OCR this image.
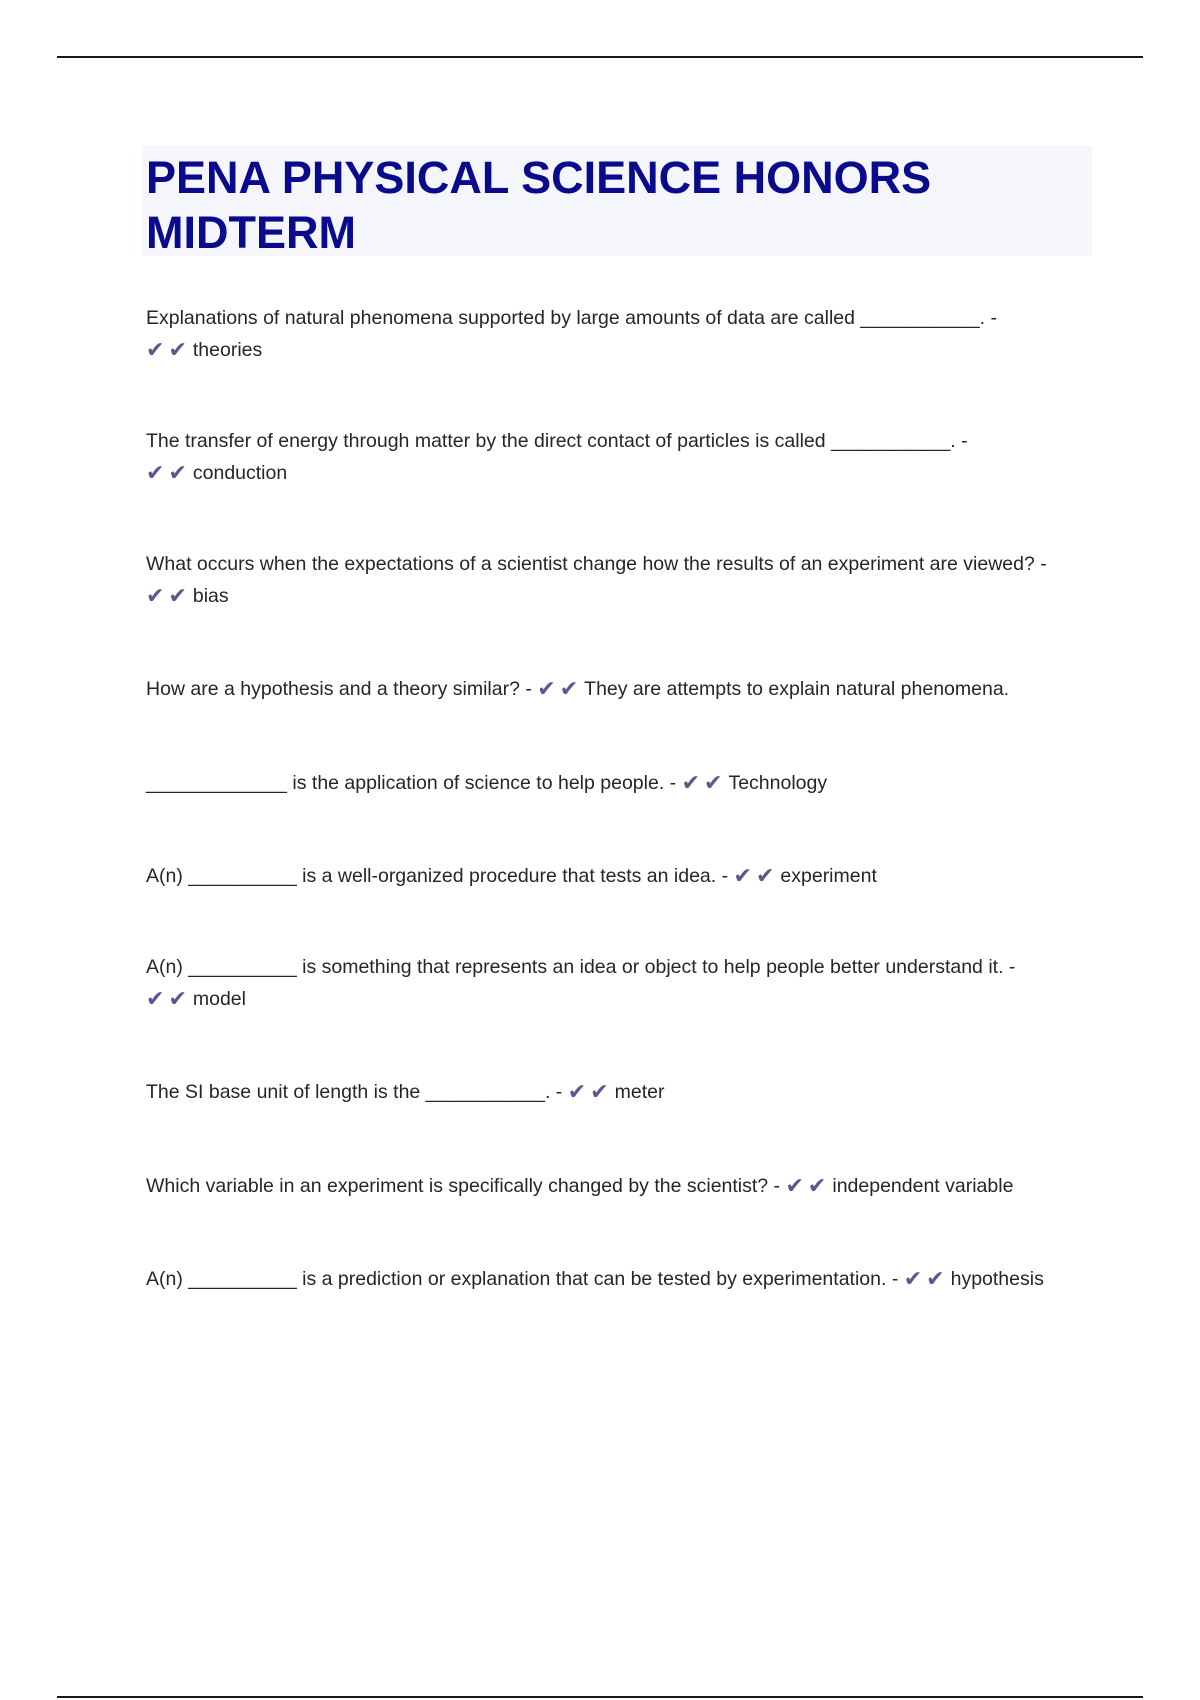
PENA PHYSICAL SCIENCE HONORS MIDTERM
Explanations of natural phenomena supported by large amounts of data are called ___________. -
✔ ✔ theories
The transfer of energy through matter by the direct contact of particles is called ___________. -
✔ ✔ conduction
What occurs when the expectations of a scientist change how the results of an experiment are viewed? -
✔ ✔ bias
How are a hypothesis and a theory similar? - ✔ ✔ They are attempts to explain natural phenomena.
_____________ is the application of science to help people. - ✔ ✔ Technology
A(n) __________ is a well-organized procedure that tests an idea. - ✔ ✔ experiment
A(n) __________ is something that represents an idea or object to help people better understand it. -
✔ ✔ model
The SI base unit of length is the ___________. - ✔ ✔ meter
Which variable in an experiment is specifically changed by the scientist? - ✔ ✔ independent variable
A(n) __________ is a prediction or explanation that can be tested by experimentation. - ✔ ✔ hypothesis
